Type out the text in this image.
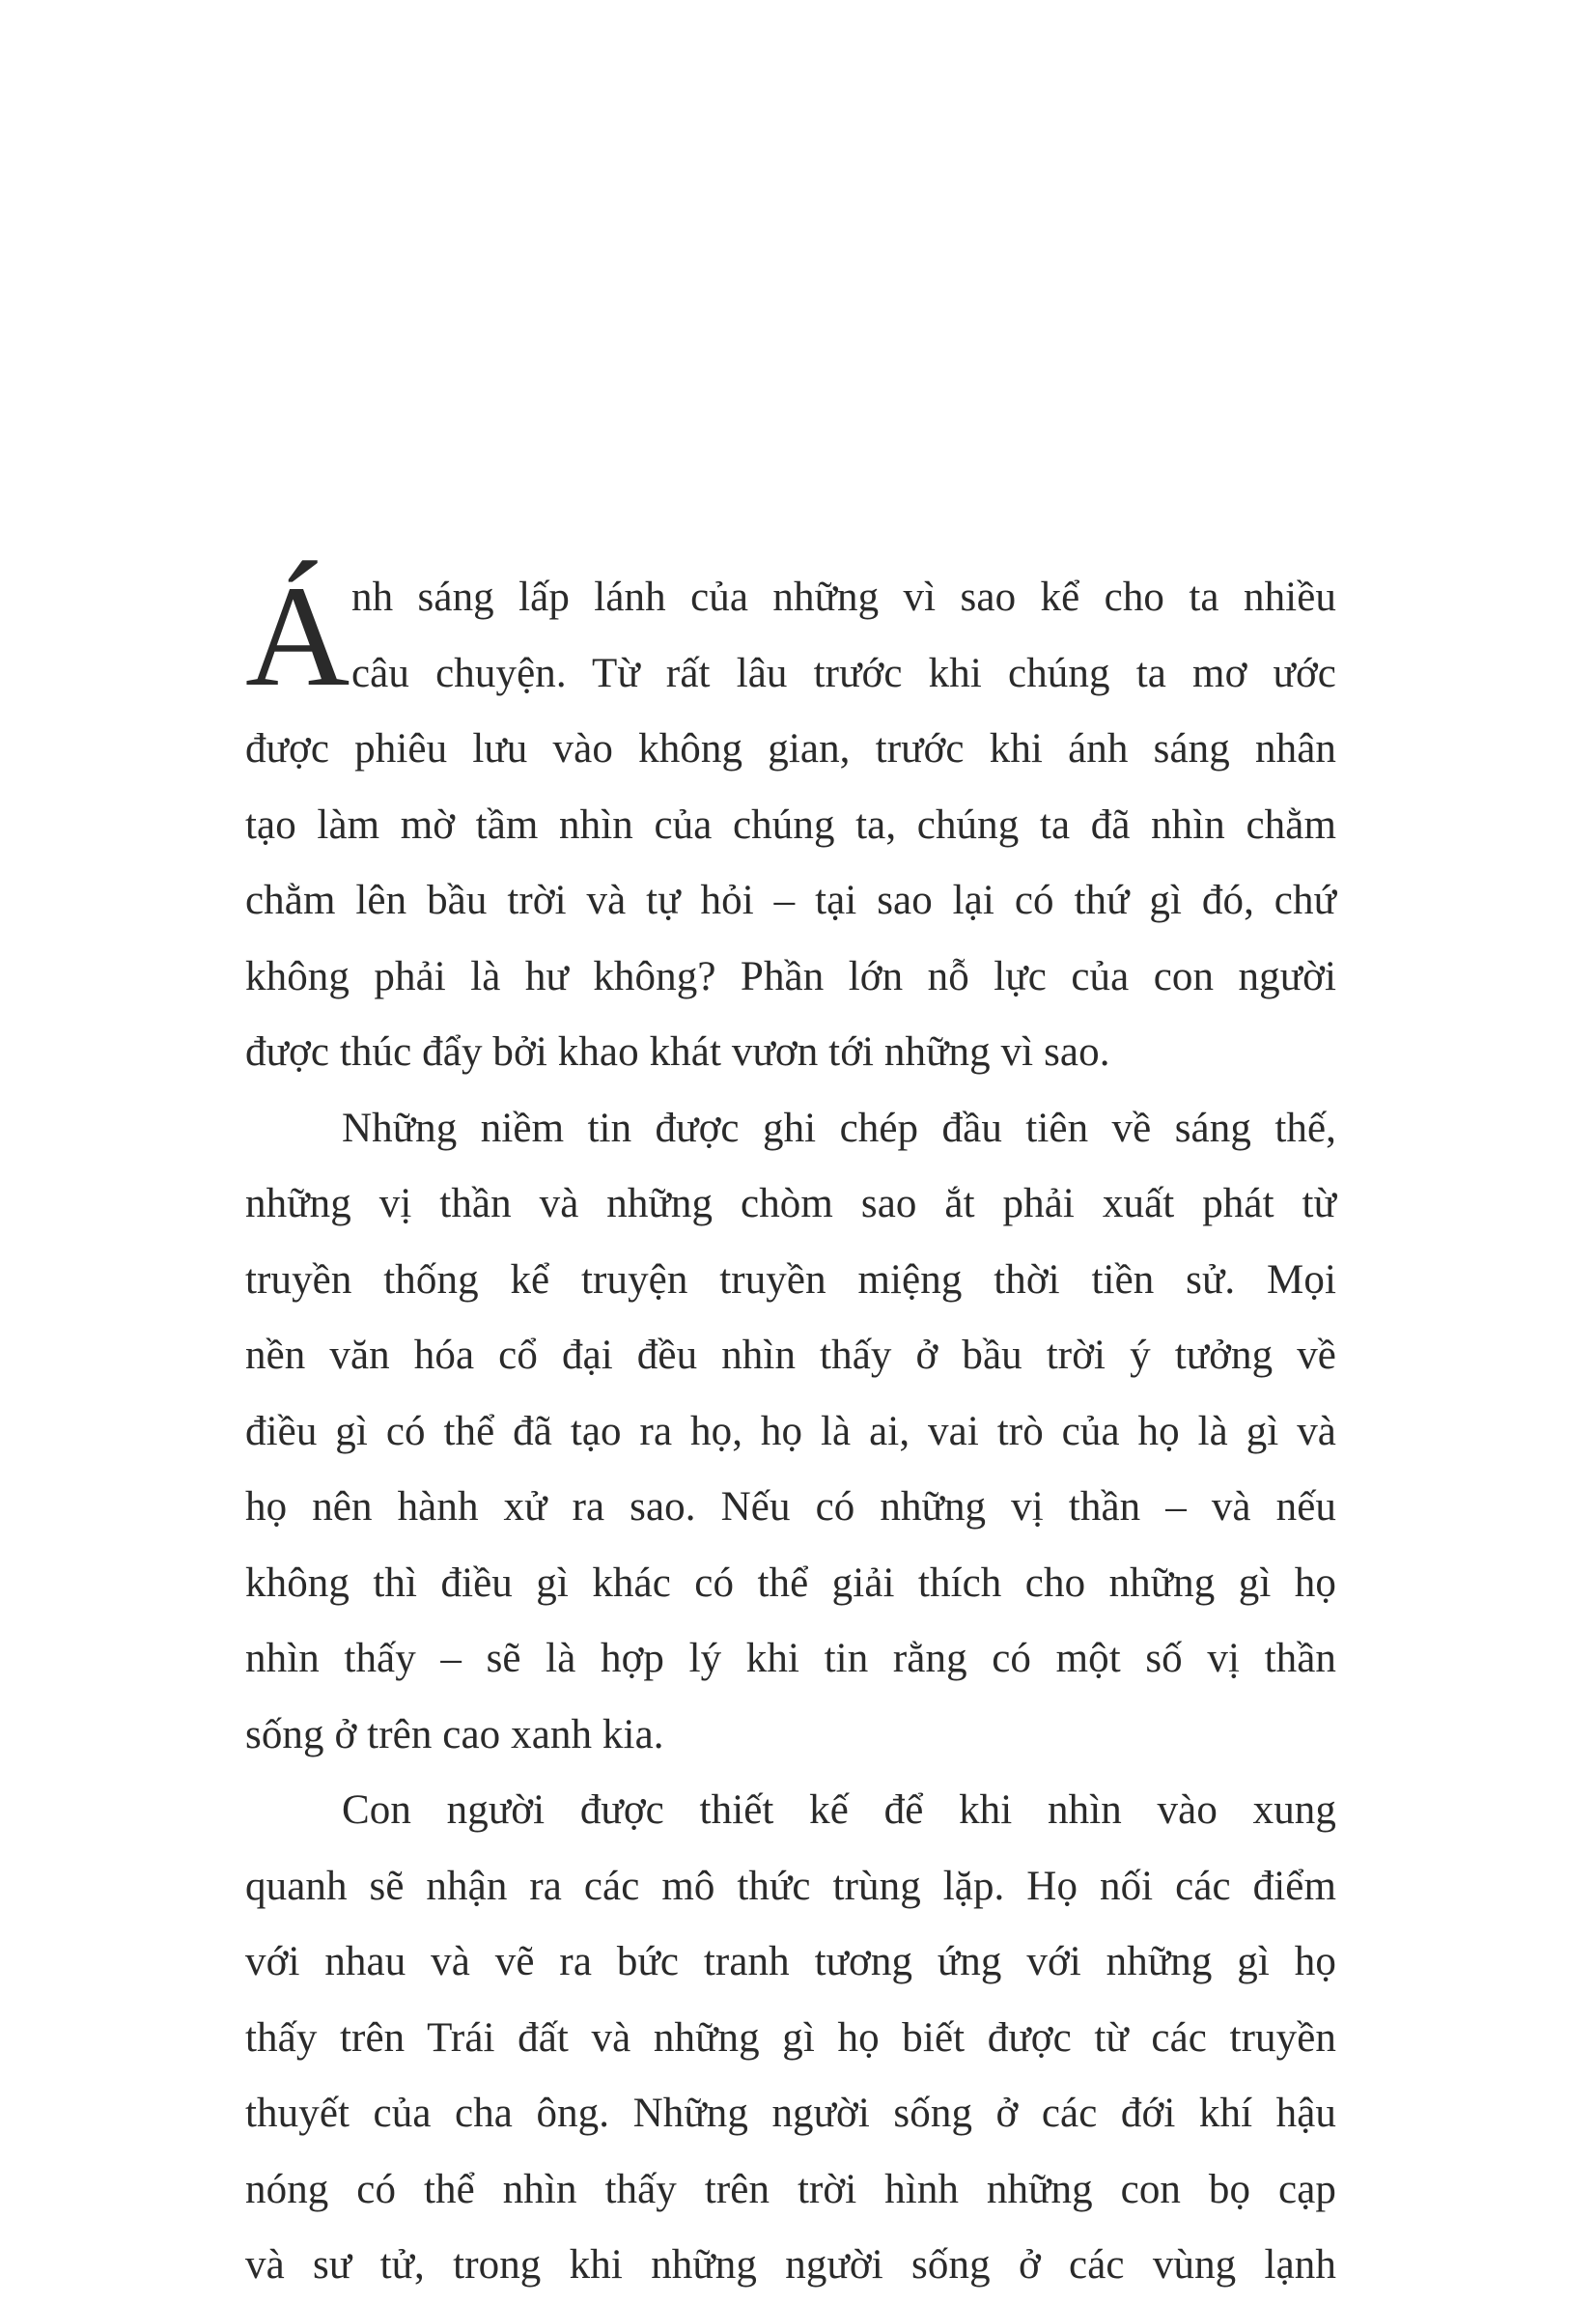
Á nh sáng lấp lánh của những vì sao kể cho ta nhiều
câu chuyện. Từ rất lâu trước khi chúng ta mơ ước
được phiêu lưu vào không gian, trước khi ánh sáng nhân
tạo làm mờ tầm nhìn của chúng ta, chúng ta đã nhìn chằm
chằm lên bầu trời và tự hỏi – tại sao lại có thứ gì đó, chứ
không phải là hư không? Phần lớn nỗ lực của con người
được thúc đẩy bởi khao khát vươn tới những vì sao.
Những niềm tin được ghi chép đầu tiên về sáng thế,
những vị thần và những chòm sao ắt phải xuất phát từ
truyền thống kể truyện truyền miệng thời tiền sử. Mọi
nền văn hóa cổ đại đều nhìn thấy ở bầu trời ý tưởng về
điều gì có thể đã tạo ra họ, họ là ai, vai trò của họ là gì và
họ nên hành xử ra sao. Nếu có những vị thần – và nếu
không thì điều gì khác có thể giải thích cho những gì họ
nhìn thấy – sẽ là hợp lý khi tin rằng có một số vị thần
sống ở trên cao xanh kia.
Con người được thiết kế để khi nhìn vào xung
quanh sẽ nhận ra các mô thức trùng lặp. Họ nối các điểm
với nhau và vẽ ra bức tranh tương ứng với những gì họ
thấy trên Trái đất và những gì họ biết được từ các truyền
thuyết của cha ông. Những người sống ở các đới khí hậu
nóng có thể nhìn thấy trên trời hình những con bọ cạp
và sư tử, trong khi những người sống ở các vùng lạnh
